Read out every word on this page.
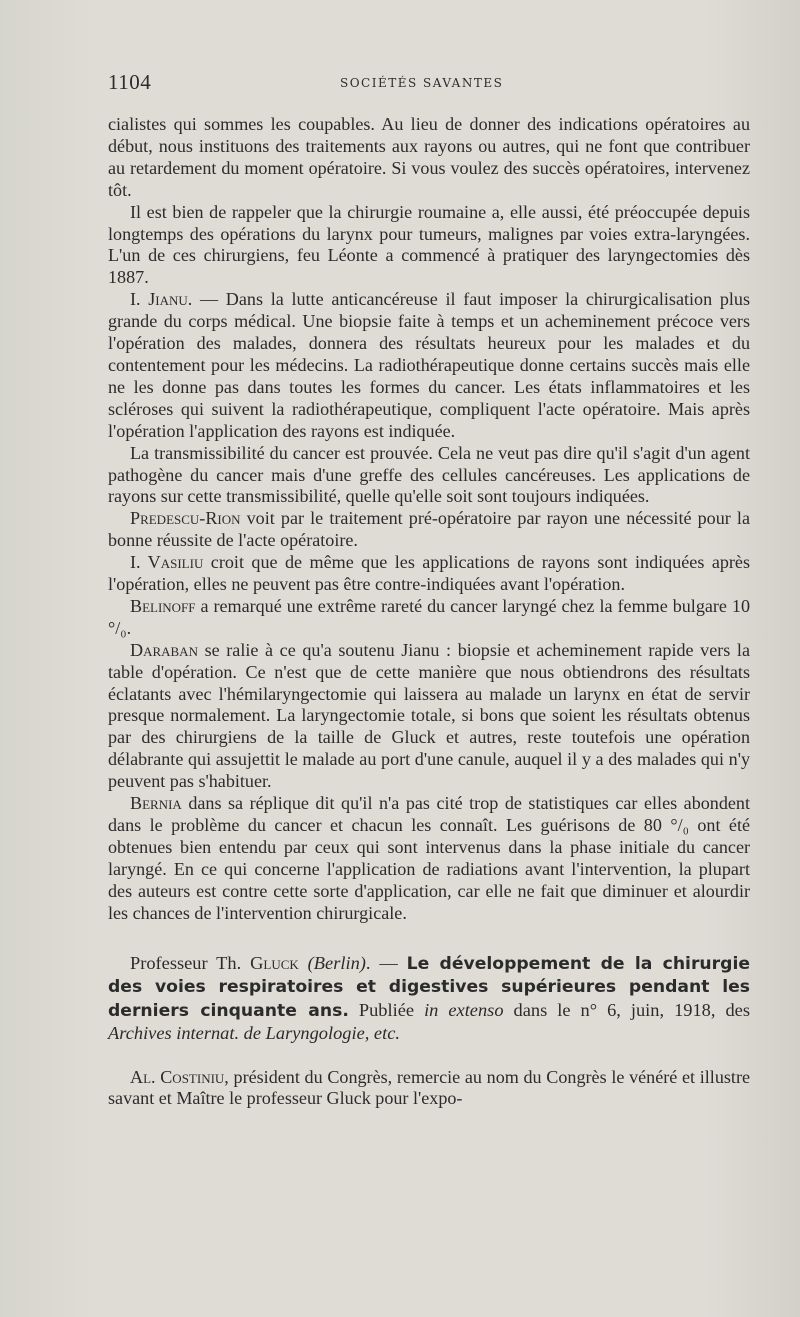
1104	SOCIÉTÉS SAVANTES

cialistes qui sommes les coupables. Au lieu de donner des indications opératoires au début, nous instituons des traitements aux rayons ou autres, qui ne font que contribuer au retardement du moment opératoire. Si vous voulez des succès opératoires, intervenez tôt.

Il est bien de rappeler que la chirurgie roumaine a, elle aussi, été préoccupée depuis longtemps des opérations du larynx pour tumeurs, malignes par voies extra-laryngées. L'un de ces chirurgiens, feu Léonte a commencé à pratiquer des laryngectomies dès 1887.

I. Jianu. — Dans la lutte anticancéreuse il faut imposer la chirurgicalisation plus grande du corps médical. Une biopsie faite à temps et un acheminement précoce vers l'opération des malades, donnera des résultats heureux pour les malades et du contentement pour les médecins. La radiothérapeutique donne certains succès mais elle ne les donne pas dans toutes les formes du cancer. Les états inflammatoires et les scléroses qui suivent la radiothérapeutique, compliquent l'acte opératoire. Mais après l'opération l'application des rayons est indiquée.

La transmissibilité du cancer est prouvée. Cela ne veut pas dire qu'il s'agit d'un agent pathogène du cancer mais d'une greffe des cellules cancéreuses. Les applications de rayons sur cette transmissibilité, quelle qu'elle soit sont toujours indiquées.

Predescu-Rion voit par le traitement pré-opératoire par rayon une nécessité pour la bonne réussite de l'acte opératoire.

I. Vasiliu croit que de même que les applications de rayons sont indiquées après l'opération, elles ne peuvent pas être contre-indiquées avant l'opération.

Belinoff a remarqué une extrême rareté du cancer laryngé chez la femme bulgare 10 °/₀.

Daraban se ralie à ce qu'a soutenu Jianu : biopsie et acheminement rapide vers la table d'opération. Ce n'est que de cette manière que nous obtiendrons des résultats éclatants avec l'hémilaryngectomie qui laissera au malade un larynx en état de servir presque normalement. La laryngectomie totale, si bons que soient les résultats obtenus par des chirurgiens de la taille de Gluck et autres, reste toutefois une opération délabrante qui assujettit le malade au port d'une canule, auquel il y a des malades qui n'y peuvent pas s'habituer.

Bernia dans sa réplique dit qu'il n'a pas cité trop de statistiques car elles abondent dans le problème du cancer et chacun les connaît. Les guérisons de 80 °/₀ ont été obtenues bien entendu par ceux qui sont intervenus dans la phase initiale du cancer laryngé. En ce qui concerne l'application de radiations avant l'intervention, la plupart des auteurs est contre cette sorte d'application, car elle ne fait que diminuer et alourdir les chances de l'intervention chirurgicale.

Professeur Th. Gluck (Berlin). — Le développement de la chirurgie des voies respiratoires et digestives supérieures pendant les derniers cinquante ans. Publiée in extenso dans le n° 6, juin, 1918, des Archives internat. de Laryngologie, etc.

Al. Costiniu, président du Congrès, remercie au nom du Congrès le vénéré et illustre savant et Maître le professeur Gluck pour l'expo-
